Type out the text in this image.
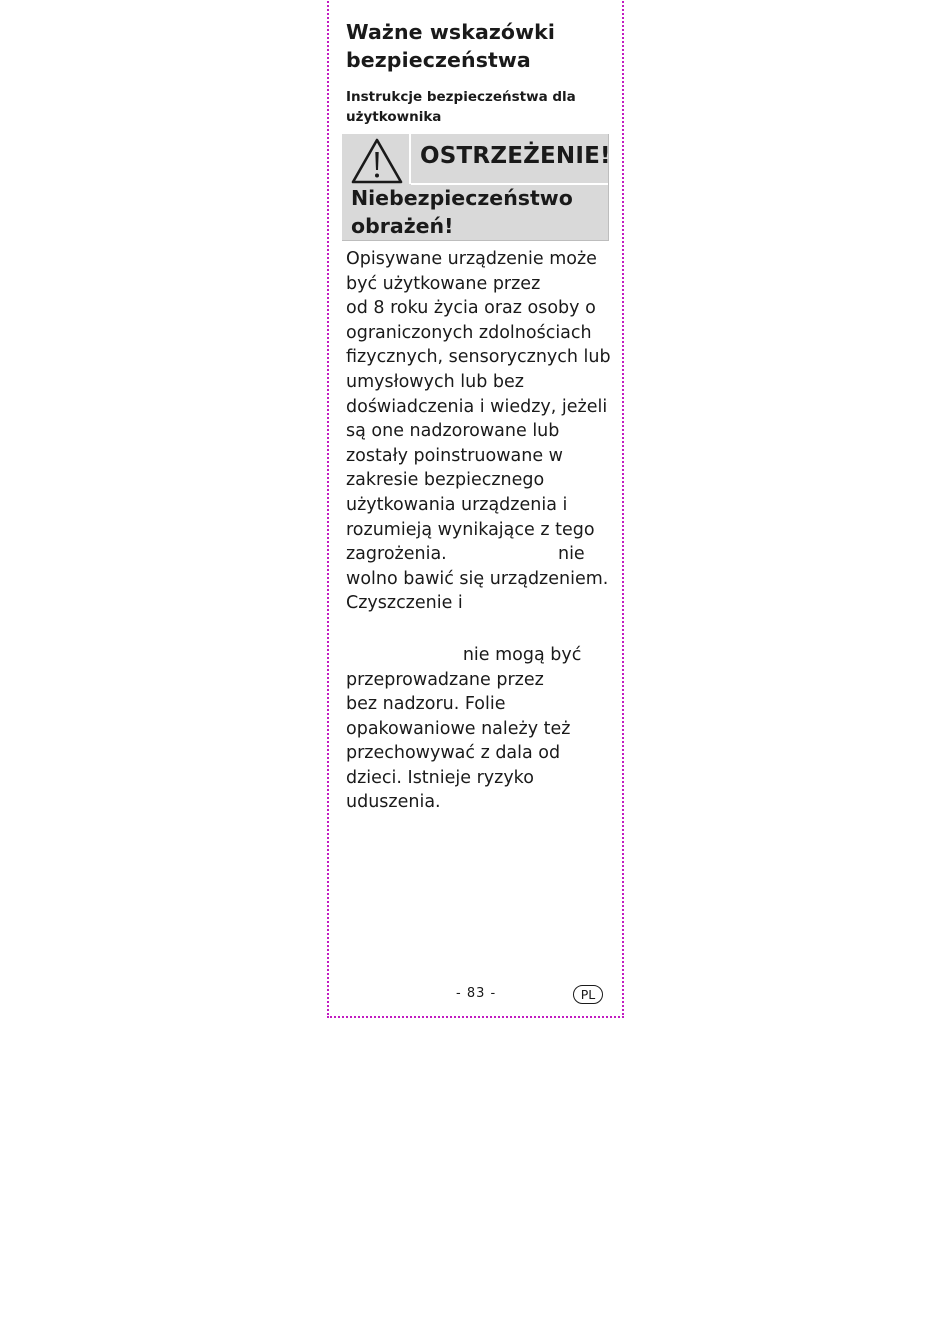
Ważne wskazówki
bezpieczeństwa
Instrukcje bezpieczeństwa dla
użytkownika
OSTRZEŻENIE!
Niebezpieczeństwo
obrażeń!

Opisywane urządzenie może

być użytkowane przez

od 8 roku życia oraz osoby o

ograniczonych zdolnościach

fizycznych, sensorycznych lub

umysłowych lub bez

doświadczenia i wiedzy, jeżeli

są one nadzorowane lub

zostały poinstruowane w

zakresie bezpiecznego

użytkowania urządzenia i

rozumieją wynikające z tego

zagrożenia.                    nie

wolno bawić się urządzeniem.

Czyszczenie i

nie mogą być

przeprowadzane przez

bez nadzoru. Folie

opakowaniowe należy też

przechowywać z dala od

dzieci. Istnieje ryzyko

uduszenia.

- 83 -	PL
